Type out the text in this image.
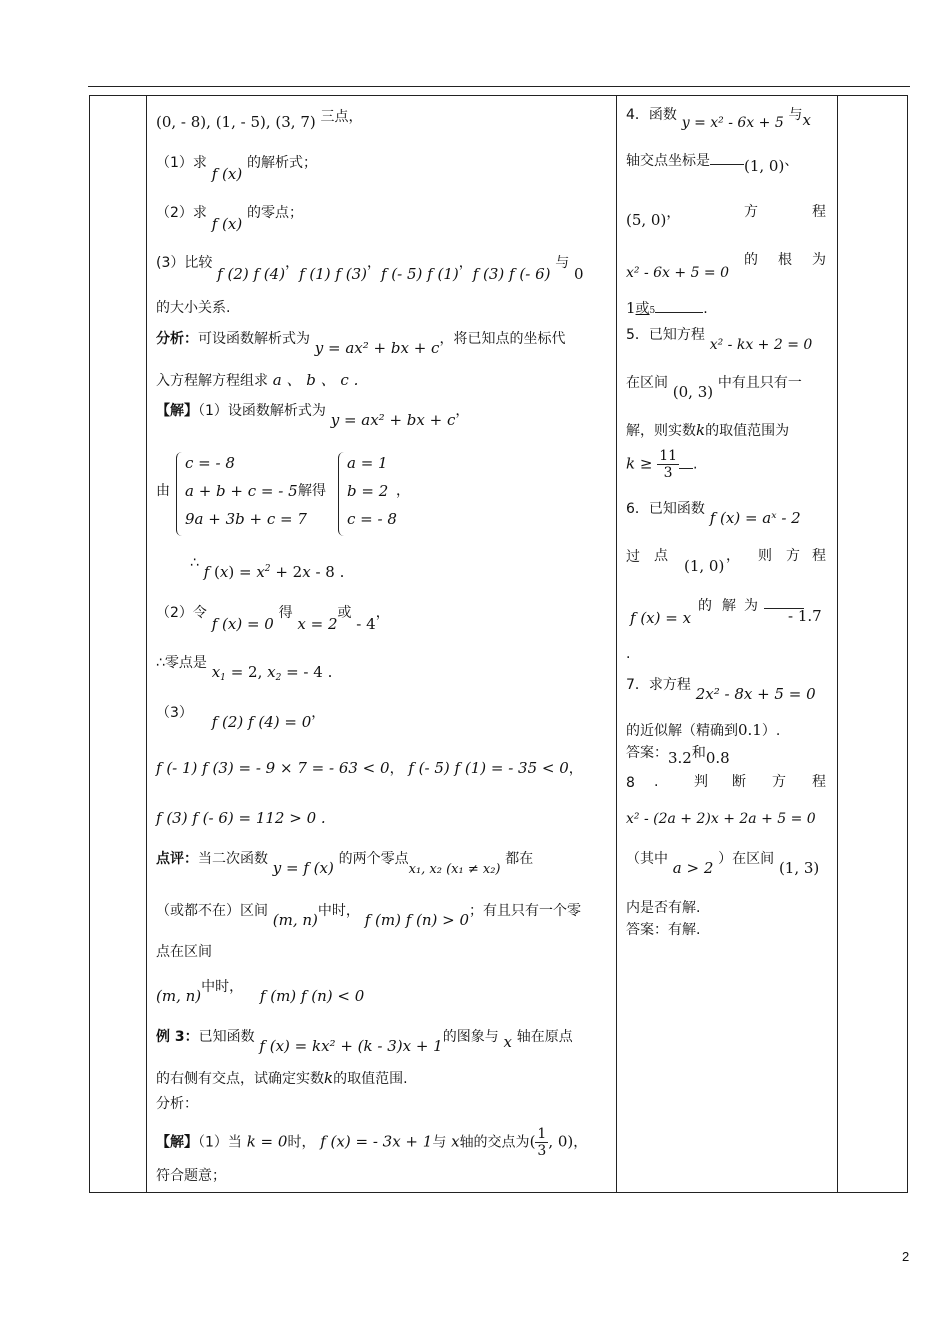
(0, - 8), (1, - 5), (3, 7) 三点，
（1）求 f (x) 的解析式；
（2）求 f (x) 的零点；
(3）比较 f (2) f (4)，f (1) f (3)，f (- 5) f (1)，f (3) f (- 6) 与 0
的大小关系.
分析：可设函数解析式为 y = ax² + bx + c，将已知点的坐标代
入方程解方程组求 a 、 b 、 c .
【解】（1）设函数解析式为 y = ax² + bx + c，
由
c = - 8
a + b + c = - 5
9a + 3b + c = 7
解得
a = 1
b = 2
c = - 8
，
∴ f $(x) = x^2 + 2x - 8$ .
（2）令 f (x) = 0 得 x = 2或 - 4，
∴零点是 $x_1 = 2$, $x_2$ = - 4 .
（3） f (2) f (4) = 0，
f (- 1) f (3) = - 9 × 7 = - 63 < 0， f (- 5) f (1) = - 35 < 0，
f (3) f (- 6) = 112 > 0 .
点评：当二次函数 y = f (x) 的两个零点x₁, x₂ (x₁ ≠ x₂) 都在
（或都不在）区间 (m, n)中时， f (m) f (n) > 0；有且只有一个零
点在区间
(m, n)中时， f (m) f (n) < 0
例 3：已知函数 f (x) = kx² + (k - 3)x + 1的图象与 x 轴在原点
的右侧有交点，试确定实数k的取值范围.
分析：
【解】（1）当 k = 0时， f (x) = - 3x + 1与 x轴的交点为( $\frac{1}{3}$ , 0)，
符合题意；
4．函数 y = x² - 6x + 5 与x
轴交点坐标是 (1, 0)、
(5, 0)，	方	程
x² - 6x + 5 = 0
的 根 为
1或5	.
5．已知方程 x² - kx + 2 = 0
在区间 (0, 3) 中有且只有一
解，则实数k的取值范围为
$k \ge \frac{11}{3}$ .
6．已知函数 f (x) = aˣ - 2
过 点
(1, 0)
， 则 方 程
f (x) = x
的 解 为
- 1.7
.
7．求方程 2x² - 8x + 5 = 0
的近似解（精确到0.1）.
答案：3.2和0.8
8 .	判 断 方 程
x² - (2a + 2)x + 2a + 5 = 0
（其中 a > 2 ）在区间 (1, 3)
内是否有解.
答案：有解.
2
